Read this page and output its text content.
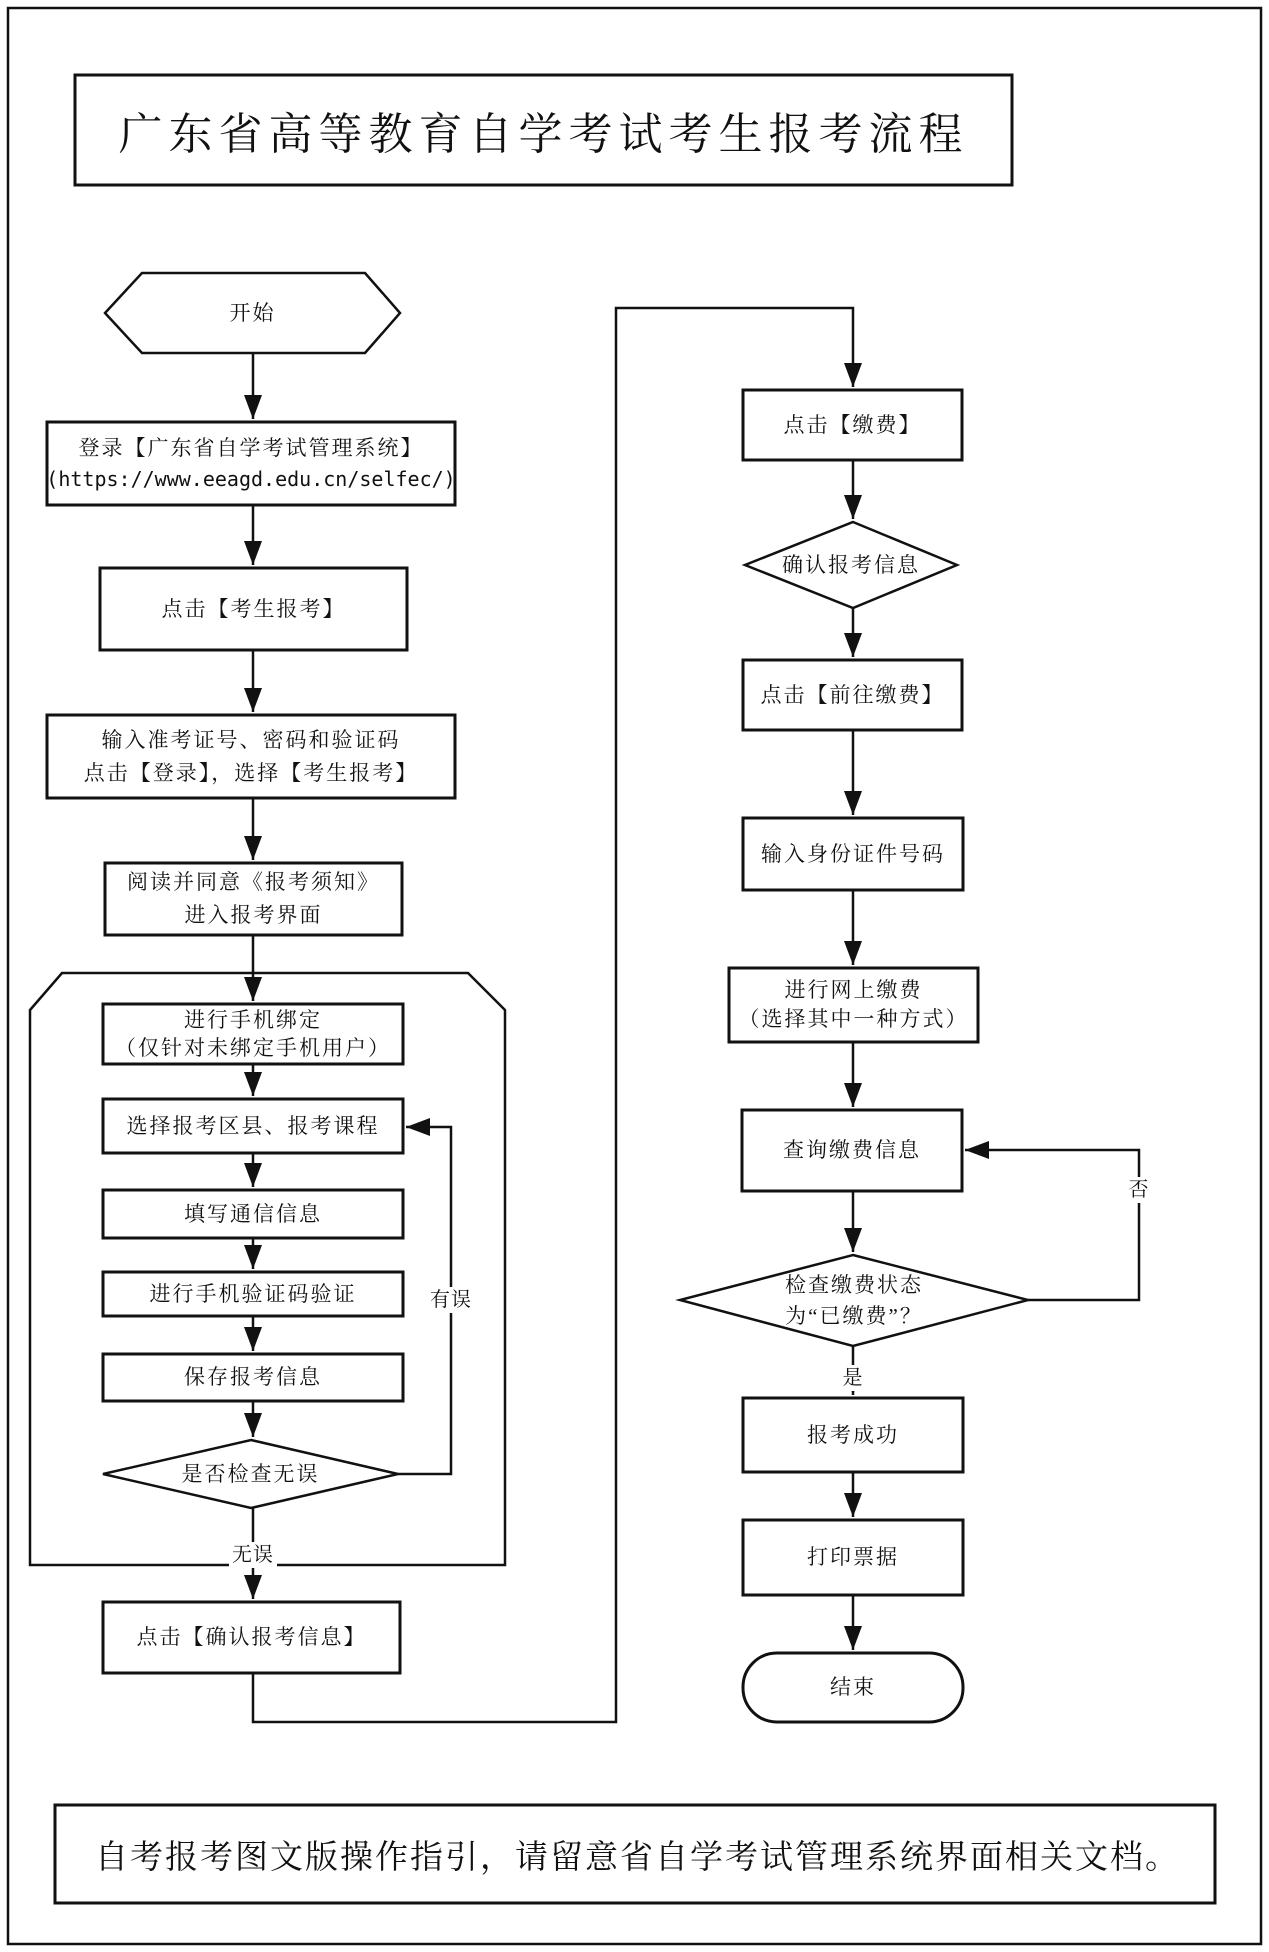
广东省高等教育自学考试考生报考流程
开始
登录【广东省自学考试管理系统】
(https://www.eeagd.edu.cn/selfec/)
点击【考生报考】
输入准考证号、密码和验证码
点击【登录】，选择【考生报考】
阅读并同意《报考须知》
进入报考界面
进行手机绑定
（仅针对未绑定手机用户）
选择报考区县、报考课程
填写通信信息
进行手机验证码验证
保存报考信息
是否检查无误
点击【确认报考信息】
点击【缴费】
确认报考信息
点击【前往缴费】
输入身份证件号码
进行网上缴费
（选择其中一种方式）
查询缴费信息
检查缴费状态
为“已缴费”？
报考成功
打印票据
结束
有误
无误
否
是
自考报考图文版操作指引，请留意省自学考试管理系统界面相关文档。
